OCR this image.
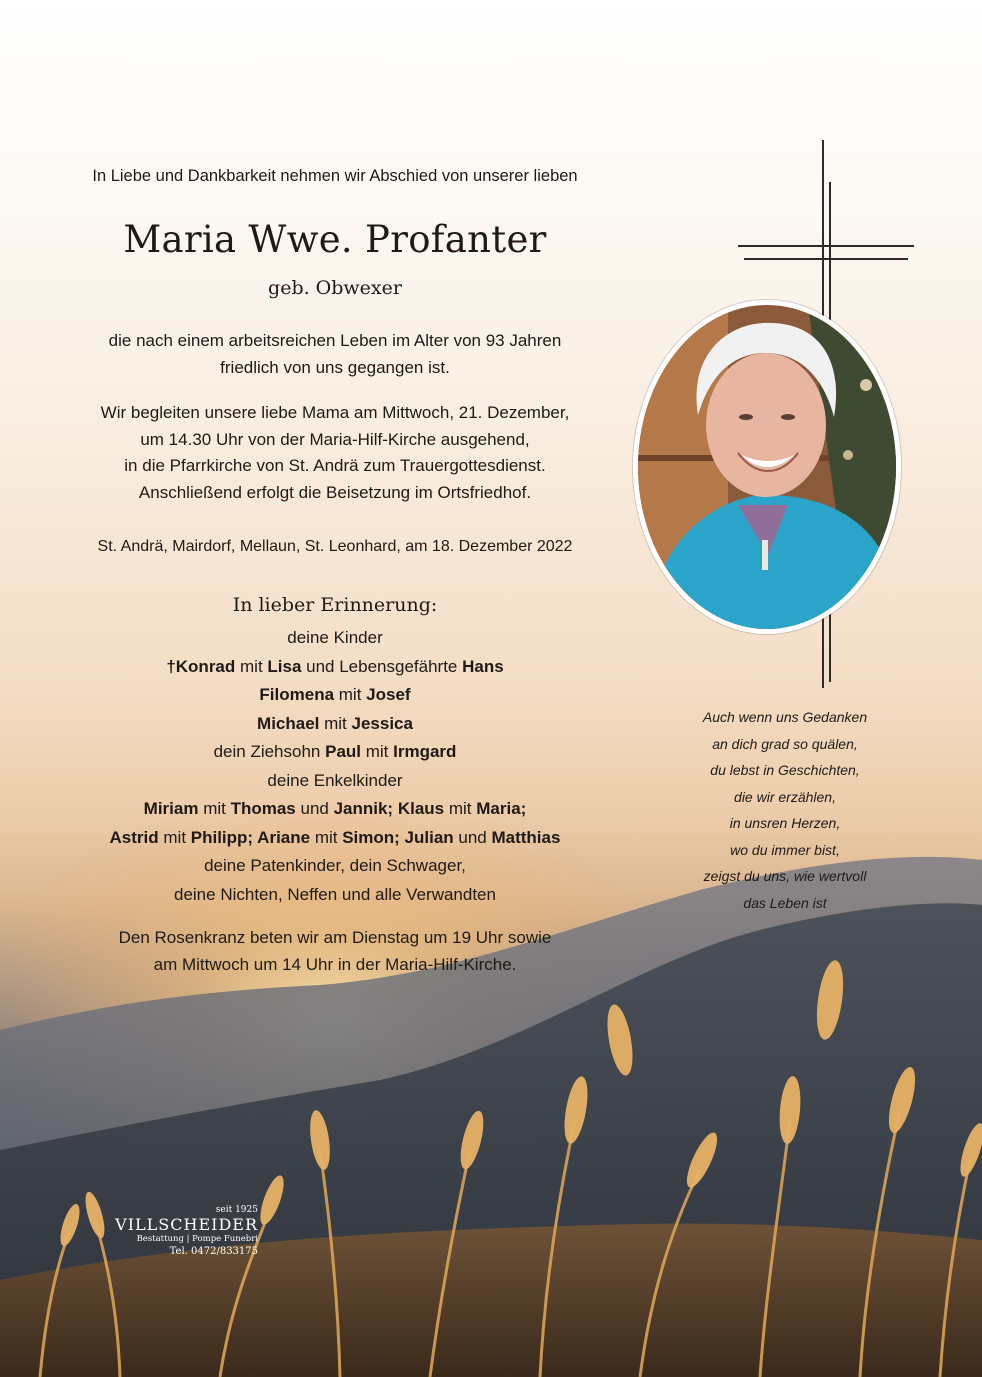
In Liebe und Dankbarkeit nehmen wir Abschied von unserer lieben
Maria Wwe. Profanter
geb. Obwexer
die nach einem arbeitsreichen Leben im Alter von 93 Jahren
friedlich von uns gegangen ist.
Wir begleiten unsere liebe Mama am Mittwoch, 21. Dezember,
um 14.30 Uhr von der Maria-Hilf-Kirche ausgehend,
in die Pfarrkirche von St. Andrä zum Trauergottesdienst.
Anschließend erfolgt die Beisetzung im Ortsfriedhof.
St. Andrä, Mairdorf, Mellaun, St. Leonhard, am 18. Dezember 2022
In lieber Erinnerung:
deine Kinder
†Konrad mit Lisa und Lebensgefährte Hans
Filomena mit Josef
Michael mit Jessica
dein Ziehsohn Paul mit Irmgard
deine Enkelkinder
Miriam mit Thomas und Jannik; Klaus mit Maria;
Astrid mit Philipp; Ariane mit Simon; Julian und Matthias
deine Patenkinder, dein Schwager,
deine Nichten, Neffen und alle Verwandten
Den Rosenkranz beten wir am Dienstag um 19 Uhr sowie
am Mittwoch um 14 Uhr in der Maria-Hilf-Kirche.
Auch wenn uns Gedanken
an dich grad so quälen,
du lebst in Geschichten,
die wir erzählen,
in unsren Herzen,
wo du immer bist,
zeigst du uns, wie wertvoll
das Leben ist
seit 1925
VILLSCHEIDER
Bestattung | Pompe Funebri
Tel. 0472/833175
